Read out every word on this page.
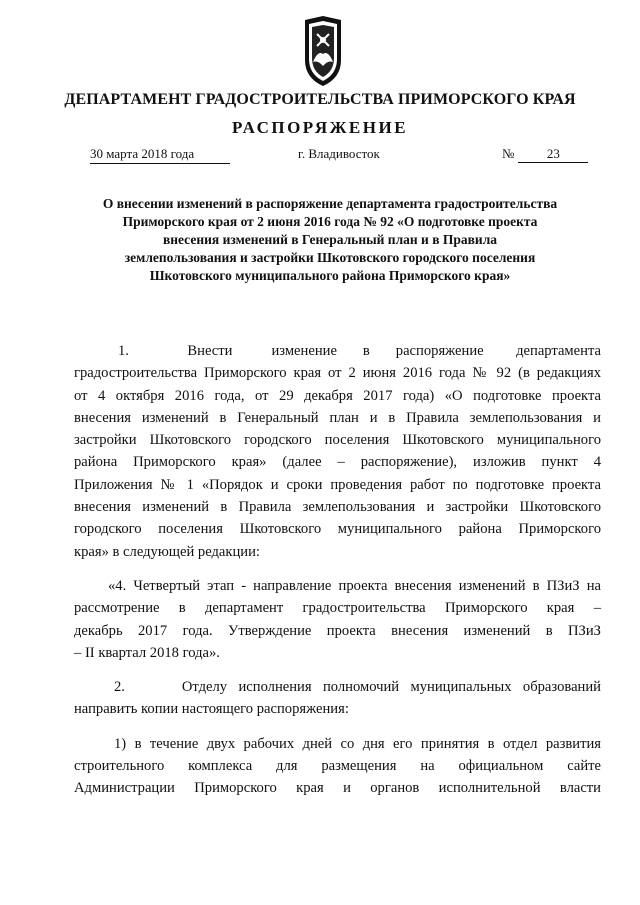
ДЕПАРТАМЕНТ ГРАДОСТРОИТЕЛЬСТВА ПРИМОРСКОГО КРАЯ
РАСПОРЯЖЕНИЕ
30 марта 2018 года	г. Владивосток	№	23
О внесении изменений в распоряжение департамента градостроительства
Приморского края от 2 июня 2016 года № 92 «О подготовке проекта
внесения изменений в Генеральный план и в Правила
землепользования и застройки Шкотовского городского поселения
Шкотовского муниципального района Приморского края»

1.         Внести      изменение    в    распоряжение     департамента
градостроительства Приморского края от 2 июня 2016 года № 92 (в редакциях
от 4 октября 2016 года, от 29 декабря 2017 года) «О подготовке проекта
внесения изменений в Генеральный план и в Правила землепользования и
застройки Шкотовского городского поселения Шкотовского муниципального
района Приморского края» (далее – распоряжение), изложив пункт 4
Приложения № 1 «Порядок и сроки проведения работ по подготовке проекта
внесения изменений в Правила землепользования и застройки Шкотовского
городского поселения Шкотовского муниципального района Приморского
края» в следующей редакции:

«4. Четвертый этап - направление проекта внесения изменений в ПЗиЗ на
рассмотрение в департамент градостроительства Приморского края –
декабрь 2017 года. Утверждение проекта внесения изменений в ПЗиЗ
– II квартал 2018 года».

2.     Отделу исполнения полномочий муниципальных образований
направить копии настоящего распоряжения:

1) в течение двух рабочих дней со дня его принятия в отдел развития
строительного комплекса для размещения на официальном сайте
Администрации Приморского края и органов исполнительной власти
